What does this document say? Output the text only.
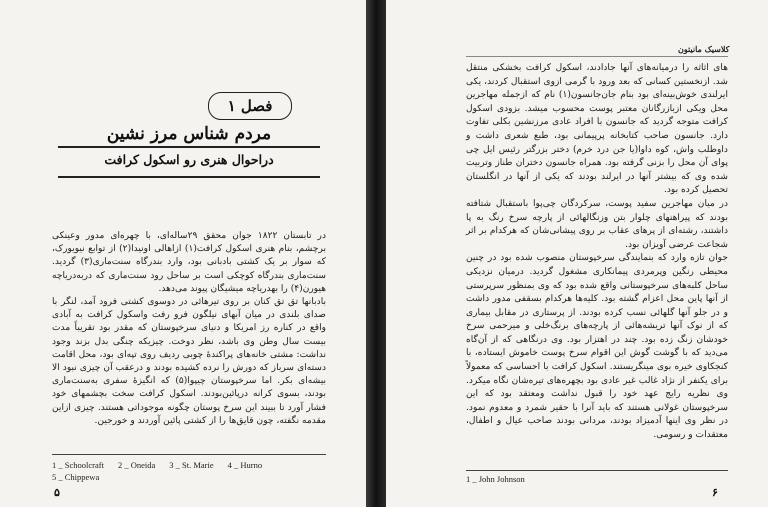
فصل ۱
مردم شناس مرز نشین
دراحوال هنری رو اسکول کرافت

در تابستان ۱۸۲۲ جوان محقق ۲۹ساله‌ای، با چهره‌ای مدور وعینکی برچشم، بنام هنری اسکول کرافت(۱) ازاهالی اونیدا(۲) از توابع نیویورک، که سوار بر یک کشتی بادبانی بود، وارد بندرگاه سنت‌ماری(۳) گردید. سنت‌ماری بندرگاه کوچکی است بر ساحل رود سنت‌ماری که دربه‌دریاچه هیورن(۴) را بهدریاچه میشیگان پیوند می‌دهد.

بادبانها تق تق کنان بر روی تیرهائی در دوسوی کشتی فرود آمد، لنگر با صدای بلندی در میان آبهای نیلگون فرو رفت واسکول کرافت به آبادی واقع در کناره رز امریکا و دنیای سرخپوستان که مقدر بود تقریباً مدت بیست سال وطن وی باشد، نظر دوخت. چیزیکه چنگی بدل بزند وجود نداشت: مشتی خانه‌های پراکندهٔ چوبی ردیف روی تپه‌ای بود، محل اقامت دسته‌ای سرباز که دورش را نرده کشیده بودند و درعقب آن چیزی نبود الا بیشه‌ای بکر. اما سرخپوستان چیپوا(۵) که انگیزهٔ سفری به‌سنت‌ماری بودند، بسوی کرانه درپائین‌بودند. اسکول کرافت سخت بچشمهای خود فشار آورد تا ببیند این سرخ پوستان چگونه موجوداتی هستند. چیزی ازاین مقدمه نگفته، چون قایق‌ها را از کشتی پائین آوردند و خورجین.

1 _ Schoolcraft 2 _ Oneida 3 _ St. Marie 4 _ Hurno
5 _ Chippewa
۵
کلاسیک مانیتون

های اثاثه را درمیانه‌های آنها جادادند، اسکول کرافت بخشکی منتقل شد. ازنخستین کسانی که بعد ورود با گرمی ازوی استقبال کردند، یکی ایرلندی خوش‌بینه‌ای بود بنام جان‌جانسون(۱) نام که ازجمله مهاجرین محل ویکی ازبازرگانان معتبر پوست محسوب میشد. بزودی اسکول کرافت متوجه گردید که جانسون با افراد عادی مرزنشین بکلی تفاوت دارد. جانسون صاحب کتابخانه پرپیمانی بود، طبع شعری داشت و داوطلب واش، کوه داوا(یا جن درد خرم) دختر بزرگتر رئیس ایل چی پوای آن محل را بزنی گرفته بود. همراه جانسون دختران طناز وتربیت شده وی که بیشتر آنها در ایرلند بودند که یکی از آنها در انگلستان تحصیل کرده بود.

در میان مهاجرین سفید پوست، سرکردگان چی‌پوا باستقبال شتافته بودند که پیراهنهای چلوار بتن وزنگالهائی از پارچه سرخ رنگ به پا داشتند، رشته‌ای از پرهای عقاب بر روی پیشانی‌شان که هرکدام بر اثر شجاعت عرضی آویزان بود.

جوان تازه وارد که بنمایندگی سرخپوستان منصوب شده بود در چنین محیطی رنگین وپرمردی پیمانکاری مشغول گردید. درمیان نزدیکی ساحل کلبه‌های سرخپوستانی واقع شده بود که وی بمنظور سرپرستی از آنها پاین محل اعزام گشته بود. کلیه‌ها هرکدام بسقفی مدور داشت و در جلو آنها گلهائی نسب کرده بودند. از پرستاری در مقابل بیماری که از نوک آنها تریشه‌هائی از پارچه‌های برنگ‌خلی و میرحمی سرخ خودشان زنگ زده بود. چند در اهتزار بود. وی درنگاهی که از آن‌گاه می‌دید که با گوشت گوش این اقوام سرخ پوست خاموش ایستاده، با کنجکاوی خیره بوی مینگریستند. اسکول کرافت با احساسی که معمولاً برای یکنفر از نژاد غالب غیر عادی بود بچهره‌های تیره‌شان نگاه میکرد. وی نظریه رایج عهد خود را قبول نداشت ومعتقد بود که این سرخپوستان غولانی هستند که باید آنرا با حقیر شمرد و معدوم نمود. در نظر وی اینها آدمیزاد بودند، مردانی بودند صاحب عیال و اطفال، معتقدات و رسومی.

1 _ John Johnson
۶
